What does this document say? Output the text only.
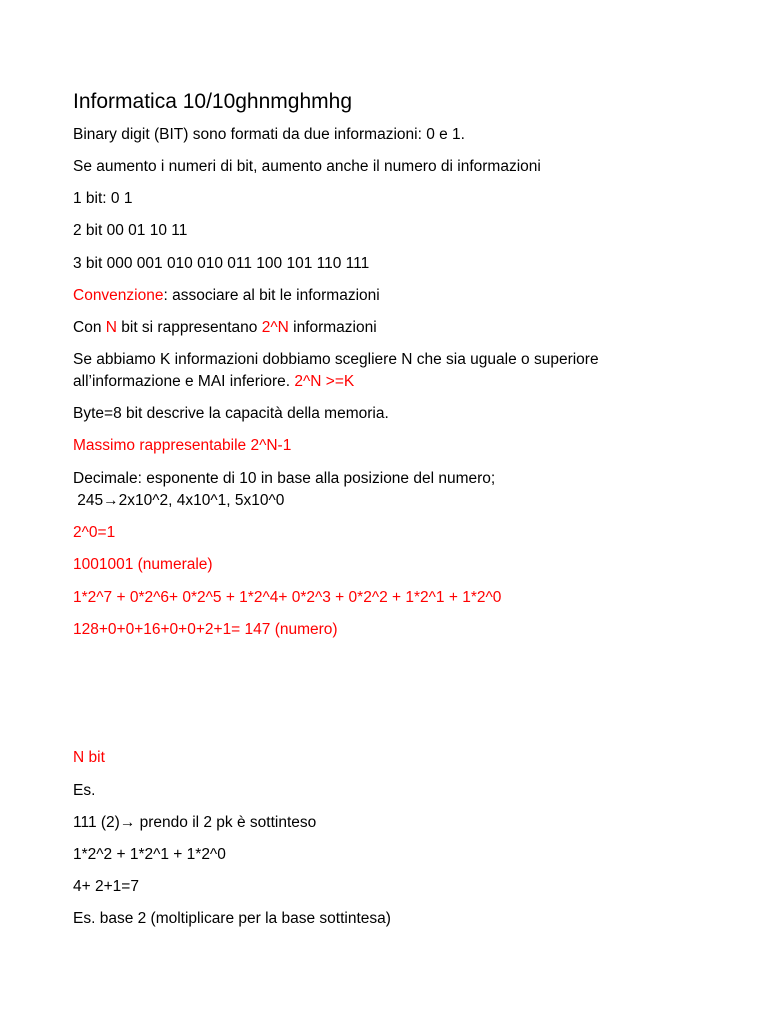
Informatica 10/10ghnmghmhg
Binary digit (BIT) sono formati da due informazioni: 0 e 1.
Se aumento i numeri di bit, aumento anche il numero di informazioni
1 bit: 0 1
2 bit 00 01 10 11
3 bit 000 001 010 010 011 100 101 110 111
Convenzione: associare al bit le informazioni
Con N bit si rappresentano 2^N informazioni
Se abbiamo K informazioni dobbiamo scegliere N che sia uguale o superiore
all’informazione e MAI inferiore. 2^N >=K
Byte=8 bit descrive la capacità della memoria.
Massimo rappresentabile 2^N-1
Decimale: esponente di 10 in base alla posizione del numero;
245→2x10^2, 4x10^1, 5x10^0
2^0=1
1001001 (numerale)
1*2^7 + 0*2^6+ 0*2^5 + 1*2^4+ 0*2^3 + 0*2^2 + 1*2^1 + 1*2^0
128+0+0+16+0+0+2+1= 147 (numero)
N bit
Es.
111 (2)→ prendo il 2 pk è sottinteso
1*2^2 + 1*2^1 + 1*2^0
4+ 2+1=7
Es. base 2 (moltiplicare per la base sottintesa)
